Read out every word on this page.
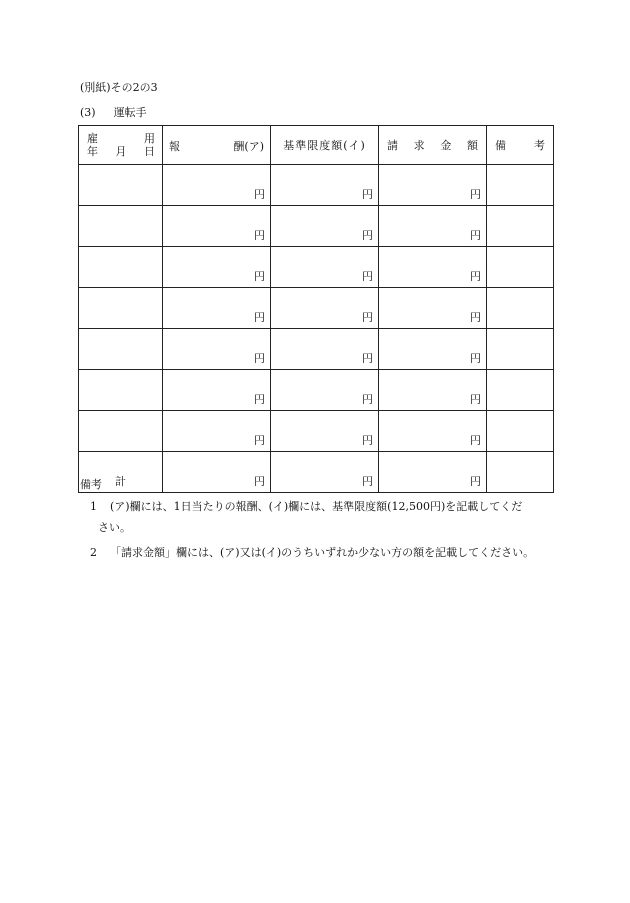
(別紙)その2の3
(3) 運転手
雇 用
年 月 日	報 酬(ア)	基準限度額(イ)	請 求 金 額	備 考

	円	円	円	
	円	円	円	
	円	円	円	
	円	円	円	
	円	円	円	
	円	円	円	
	円	円	円	
計	円	円	円	
備考
1 (ア)欄には、1日当たりの報酬、(イ)欄には、基準限度額(12,500円)を記載してくだ
さい。
2 「請求金額」欄には、(ア)又は(イ)のうちいずれか少ない方の額を記載してください。
